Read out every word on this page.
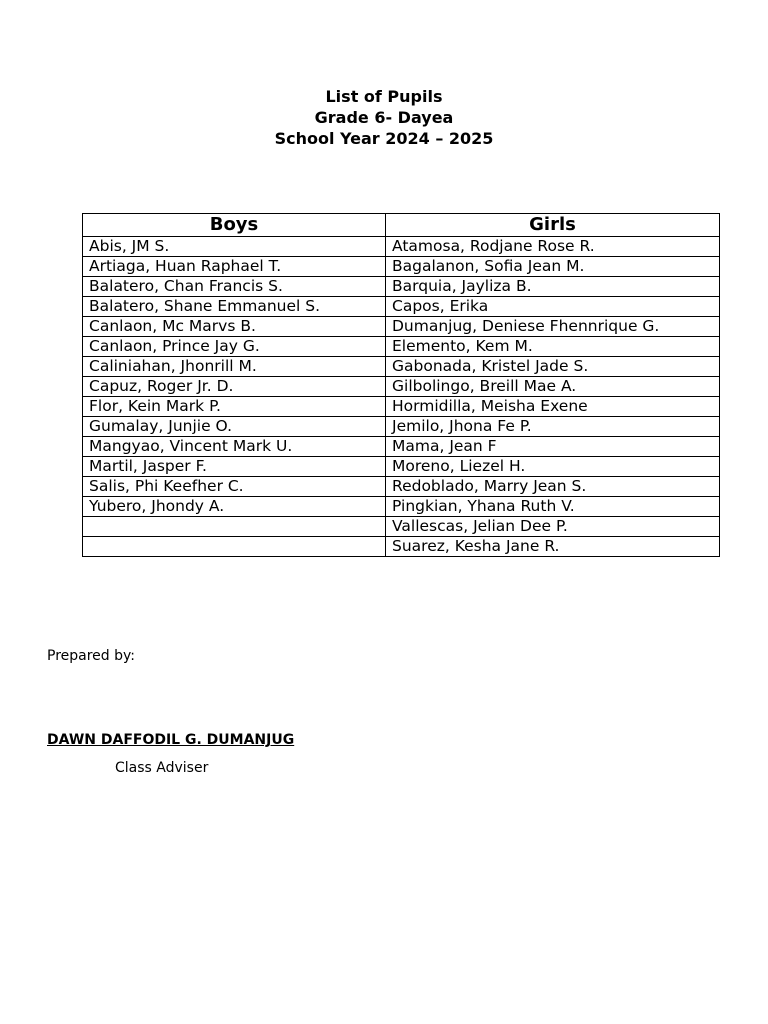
List of Pupils
Grade 6- Dayea
School Year 2024 – 2025
Boys	Girls
Abis, JM S.	Atamosa, Rodjane Rose R.
Artiaga, Huan Raphael T.	Bagalanon, Sofia Jean M.
Balatero, Chan Francis S.	Barquia, Jayliza B.
Balatero, Shane Emmanuel S.	Capos, Erika
Canlaon, Mc Marvs B.	Dumanjug, Deniese Fhennrique G.
Canlaon, Prince Jay G.	Elemento, Kem M.
Caliniahan, Jhonrill M.	Gabonada, Kristel Jade S.
Capuz, Roger Jr. D.	Gilbolingo, Breill Mae A.
Flor, Kein Mark P.	Hormidilla, Meisha Exene
Gumalay, Junjie O.	Jemilo, Jhona Fe P.
Mangyao, Vincent Mark U.	Mama, Jean F
Martil, Jasper F.	Moreno, Liezel H.
Salis, Phi Keefher C.	Redoblado, Marry Jean S.
Yubero, Jhondy A.	Pingkian, Yhana Ruth V.
	Vallescas, Jelian Dee P.
	Suarez, Kesha Jane R.
Prepared by:
DAWN DAFFODIL G. DUMANJUG
Class Adviser
